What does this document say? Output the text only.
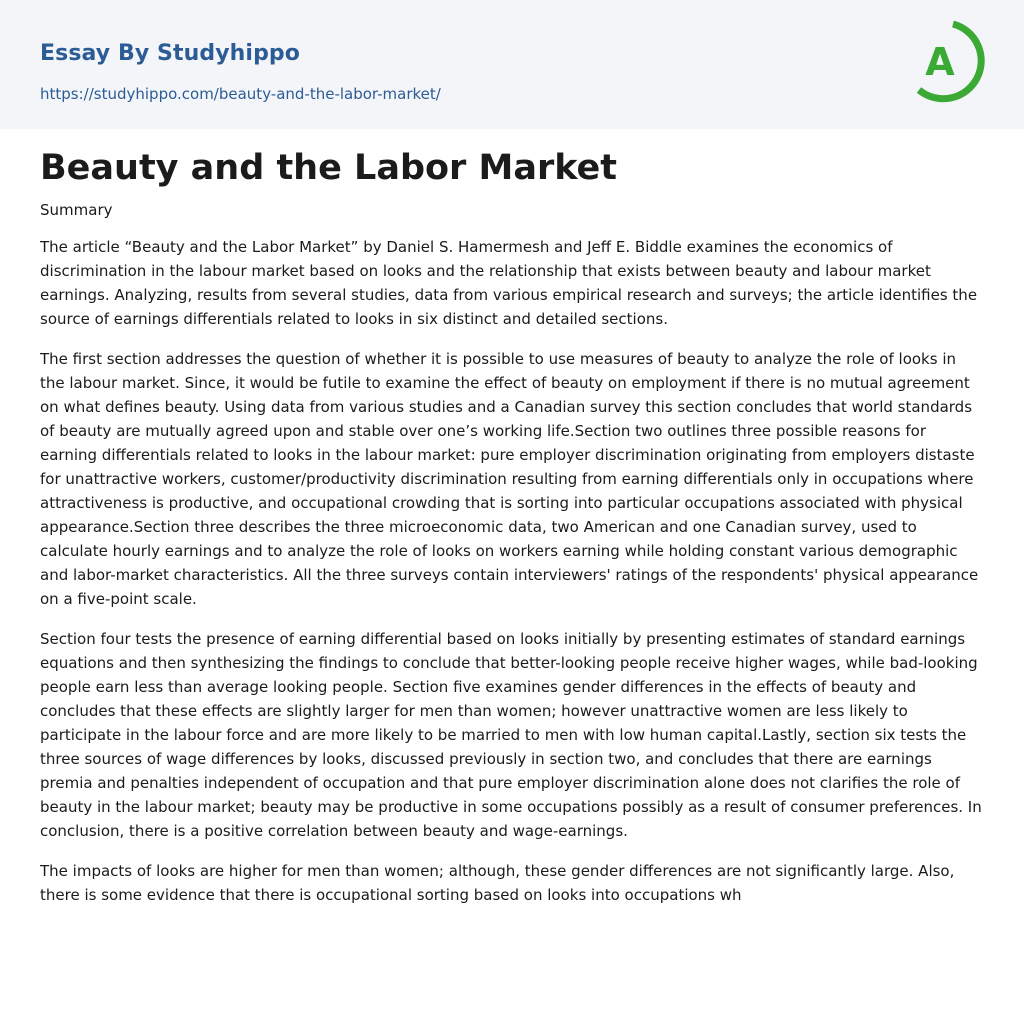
Essay By Studyhippo
https://studyhippo.com/beauty-and-the-labor-market/
A
Beauty and the Labor Market
Summary

The article “Beauty and the Labor Market” by Daniel S. Hamermesh and Jeff E. Biddle examines the economics of discrimination in the labour market based on looks and the relationship that exists between beauty and labour market earnings. Analyzing, results from several studies, data from various empirical research and surveys; the article identifies the source of earnings differentials related to looks in six distinct and detailed sections.

The first section addresses the question of whether it is possible to use measures of beauty to analyze the role of looks in the labour market. Since, it would be futile to examine the effect of beauty on employment if there is no mutual agreement on what defines beauty. Using data from various studies and a Canadian survey this section concludes that world standards of beauty are mutually agreed upon and stable over one’s working life.Section two outlines three possible reasons for earning differentials related to looks in the labour market: pure employer discrimination originating from employers distaste for unattractive workers, customer/productivity discrimination resulting from earning differentials only in occupations where attractiveness is productive, and occupational crowding that is sorting into particular occupations associated with physical appearance.Section three describes the three microeconomic data, two American and one Canadian survey, used to calculate hourly earnings and to analyze the role of looks on workers earning while holding constant various demographic and labor-market characteristics. All the three surveys contain interviewers' ratings of the respondents' physical appearance on a five-point scale.

Section four tests the presence of earning differential based on looks initially by presenting estimates of standard earnings equations and then synthesizing the findings to conclude that better-looking people receive higher wages, while bad-looking people earn less than average looking people. Section five examines gender differences in the effects of beauty and concludes that these effects are slightly larger for men than women; however unattractive women are less likely to participate in the labour force and are more likely to be married to men with low human capital.Lastly, section six tests the three sources of wage differences by looks, discussed previously in section two, and concludes that there are earnings premia and penalties independent of occupation and that pure employer discrimination alone does not clarifies the role of beauty in the labour market; beauty may be productive in some occupations possibly as a result of consumer preferences. In conclusion, there is a positive correlation between beauty and wage-earnings.

The impacts of looks are higher for men than women; although, these gender differences are not significantly large. Also, there is some evidence that there is occupational sorting based on looks into occupations wh
